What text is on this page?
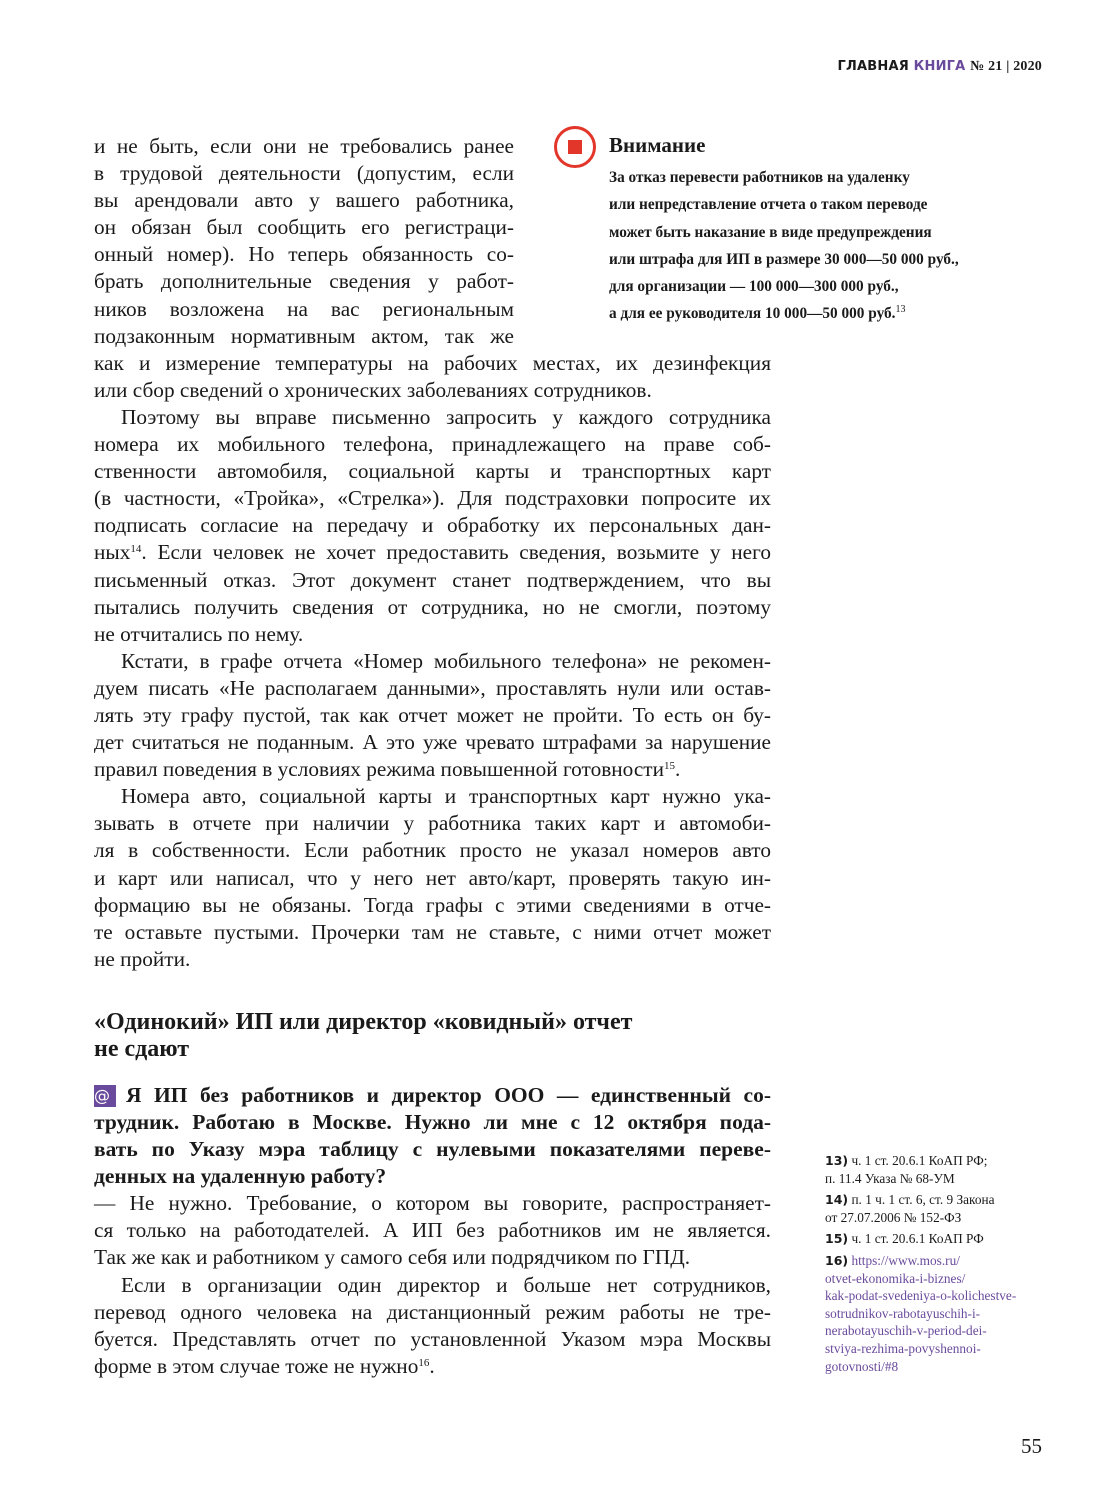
ГЛАВНАЯ КНИГА № 21 | 2020
Внимание
За отказ перевести работников на удаленку
или непредставление отчета о таком переводе
может быть наказание в виде предупреждения
или штрафа для ИП в размере 30 000—50 000 руб.,
для организации — 100 000—300 000 руб.,
а для ее руководителя 10 000—50 000 руб.$^{13}$
и не быть, если они не требовались ранее
в трудовой деятельности (допустим, если
вы арендовали авто у вашего работника,
он обязан был сообщить его регистраци-
онный номер). Но теперь обязанность со-
брать дополнительные сведения у работ-
ников возложена на вас региональным
подзаконным нормативным актом, так же
как и измерение температуры на рабочих местах, их дезинфекция
или сбор сведений о хронических заболеваниях сотрудников.
Поэтому вы вправе письменно запросить у каждого сотрудника
номера их мобильного телефона, принадлежащего на праве соб-
ственности автомобиля, социальной карты и транспортных карт
(в частности, «Тройка», «Стрелка»). Для подстраховки попросите их
подписать согласие на передачу и обработку их персональных дан-
ных$^{14}$. Если человек не хочет предоставить сведения, возьмите у него
письменный отказ. Этот документ станет подтверждением, что вы
пытались получить сведения от сотрудника, но не смогли, поэтому
не отчитались по нему.
Кстати, в графе отчета «Номер мобильного телефона» не рекомен-
дуем писать «Не располагаем данными», проставлять нули или остав-
лять эту графу пустой, так как отчет может не пройти. То есть он бу-
дет считаться не поданным. А это уже чревато штрафами за нарушение
правил поведения в условиях режима повышенной готовности$^{15}$.
Номера авто, социальной карты и транспортных карт нужно ука-
зывать в отчете при наличии у работника таких карт и автомоби-
ля в собственности. Если работник просто не указал номеров авто
и карт или написал, что у него нет авто/карт, проверять такую ин-
формацию вы не обязаны. Тогда графы с этими сведениями в отче-
те оставьте пустыми. Прочерки там не ставьте, с ними отчет может
не пройти.
«Одинокий» ИП или директор «ковидный» отчет
не сдают
@ Я ИП без работников и директор ООО — единственный со-
трудник. Работаю в Москве. Нужно ли мне с 12 октября пода-
вать по Указу мэра таблицу с нулевыми показателями переве-
денных на удаленную работу?
— Не нужно. Требование, о котором вы говорите, распространяет-
ся только на работодателей. А ИП без работников им не является.
Так же как и работником у самого себя или подрядчиком по ГПД.
Если в организации один директор и больше нет сотрудников,
перевод одного человека на дистанционный режим работы не тре-
буется. Представлять отчет по установленной Указом мэра Москвы
форме в этом случае тоже не нужно$^{16}$.
13) ч. 1 ст. 20.6.1 КоАП РФ;
п. 11.4 Указа № 68-УМ
14) п. 1 ч. 1 ст. 6, ст. 9 Закона
от 27.07.2006 № 152-ФЗ
15) ч. 1 ст. 20.6.1 КоАП РФ
16) https://www.mos.ru/
otvet-ekonomika-i-biznes/
kak-podat-svedeniya-o-kolichestve-
sotrudnikov-rabotayuschih-i-
nerabotayuschih-v-period-dei-
stviya-rezhima-povyshennoi-
gotovnosti/#8
55
